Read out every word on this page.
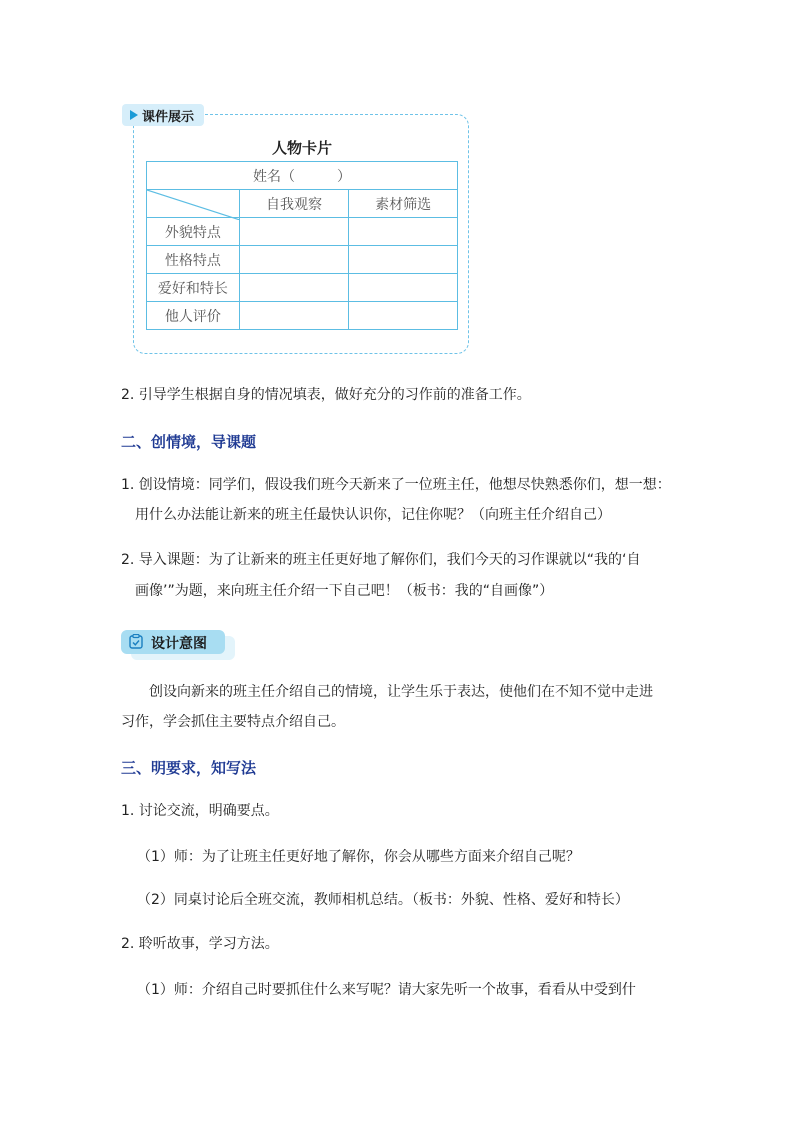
课件展示
人物卡片
姓名（　　　）		

	自我观察	素材筛选
外貌特点		
性格特点		
爱好和特长		
他人评价		
2. 引导学生根据自身的情况填表，做好充分的习作前的准备工作。
二、创情境，导课题
1. 创设情境：同学们，假设我们班今天新来了一位班主任，他想尽快熟悉你们，想一想：
用什么办法能让新来的班主任最快认识你，记住你呢？（向班主任介绍自己）
2. 导入课题：为了让新来的班主任更好地了解你们，我们今天的习作课就以“我的‘自
画像’”为题，来向班主任介绍一下自己吧！（板书：我的“自画像”）
设计意图
创设向新来的班主任介绍自己的情境，让学生乐于表达，使他们在不知不觉中走进
习作，学会抓住主要特点介绍自己。
三、明要求，知写法
1. 讨论交流，明确要点。
（1）师：为了让班主任更好地了解你，你会从哪些方面来介绍自己呢？
（2）同桌讨论后全班交流，教师相机总结。（板书：外貌、性格、爱好和特长）
2. 聆听故事，学习方法。
（1）师：介绍自己时要抓住什么来写呢？请大家先听一个故事，看看从中受到什
